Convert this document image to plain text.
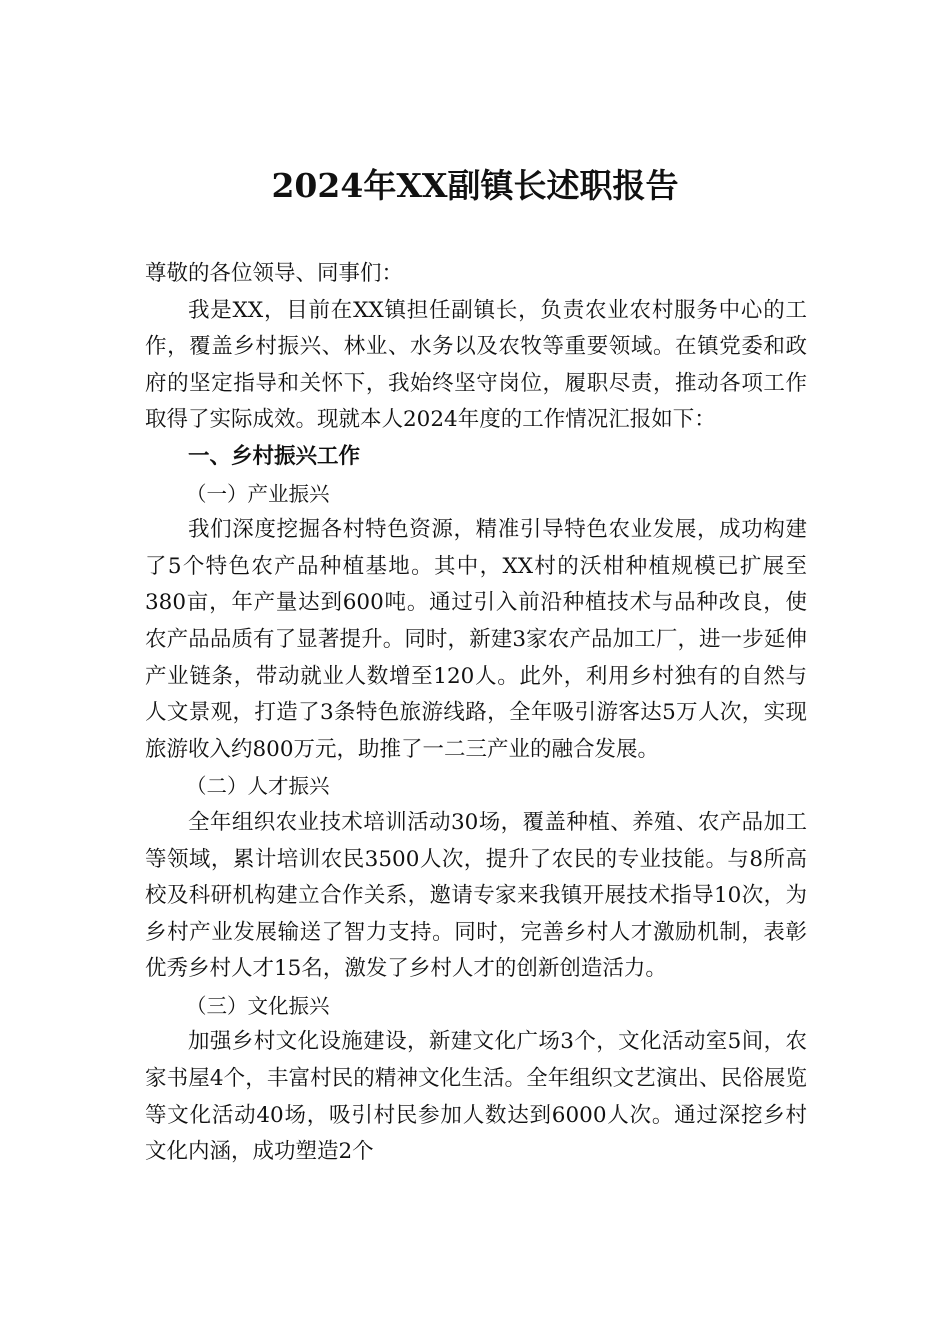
2024年XX副镇长述职报告

尊敬的各位领导、同事们：

我是XX，目前在XX镇担任副镇长，负责农业农村服务中心的工作，覆盖乡村振兴、林业、水务以及农牧等重要领域。在镇党委和政府的坚定指导和关怀下，我始终坚守岗位，履职尽责，推动各项工作取得了实际成效。现就本人2024年度的工作情况汇报如下：

一、乡村振兴工作

（一）产业振兴

我们深度挖掘各村特色资源，精准引导特色农业发展，成功构建了5个特色农产品种植基地。其中，XX村的沃柑种植规模已扩展至380亩，年产量达到600吨。通过引入前沿种植技术与品种改良，使农产品品质有了显著提升。同时，新建3家农产品加工厂，进一步延伸产业链条，带动就业人数增至120人。此外，利用乡村独有的自然与人文景观，打造了3条特色旅游线路，全年吸引游客达5万人次，实现旅游收入约800万元，助推了一二三产业的融合发展。

（二）人才振兴

全年组织农业技术培训活动30场，覆盖种植、养殖、农产品加工等领域，累计培训农民3500人次，提升了农民的专业技能。与8所高校及科研机构建立合作关系，邀请专家来我镇开展技术指导10次，为乡村产业发展输送了智力支持。同时，完善乡村人才激励机制，表彰优秀乡村人才15名，激发了乡村人才的创新创造活力。

（三）文化振兴

加强乡村文化设施建设，新建文化广场3个，文化活动室5间，农家书屋4个，丰富村民的精神文化生活。全年组织文艺演出、民俗展览等文化活动40场，吸引村民参加人数达到6000人次。通过深挖乡村文化内涵，成功塑造2个
